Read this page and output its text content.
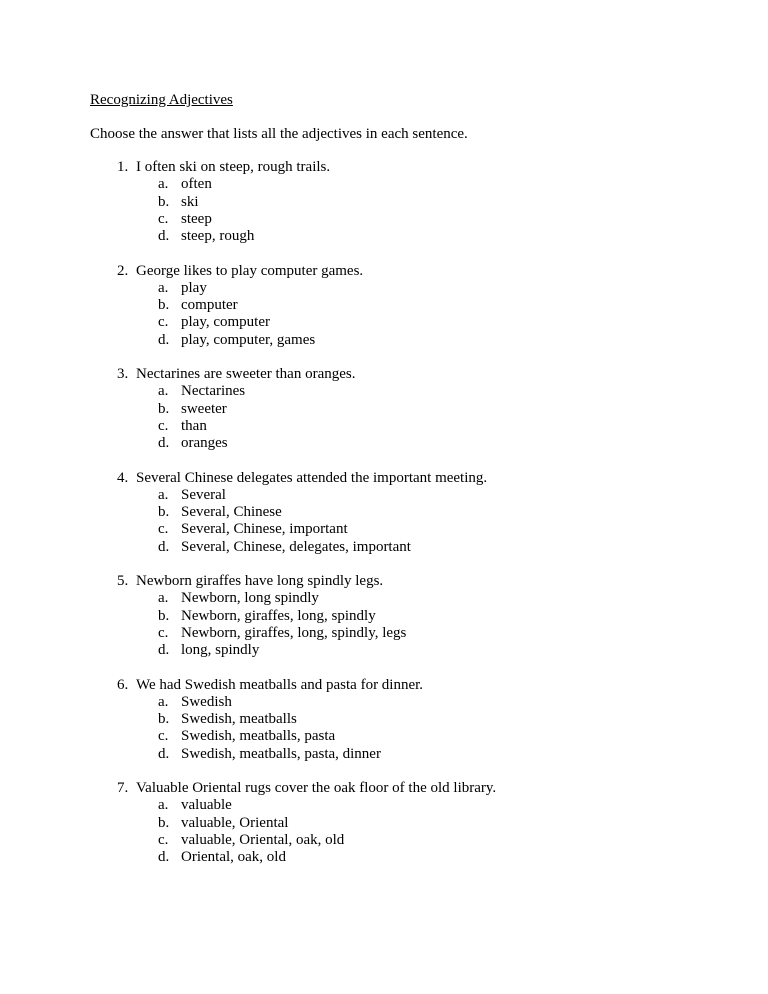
Recognizing Adjectives
Choose the answer that lists all the adjectives in each sentence.
1. I often ski on steep, rough trails.
a. often
b. ski
c. steep
d. steep, rough
2. George likes to play computer games.
a. play
b. computer
c. play, computer
d. play, computer, games
3. Nectarines are sweeter than oranges.
a. Nectarines
b. sweeter
c. than
d. oranges
4. Several Chinese delegates attended the important meeting.
a. Several
b. Several, Chinese
c. Several, Chinese, important
d. Several, Chinese, delegates, important
5. Newborn giraffes have long spindly legs.
a. Newborn, long spindly
b. Newborn, giraffes, long, spindly
c. Newborn, giraffes, long, spindly, legs
d. long, spindly
6. We had Swedish meatballs and pasta for dinner.
a. Swedish
b. Swedish, meatballs
c. Swedish, meatballs, pasta
d. Swedish, meatballs, pasta, dinner
7. Valuable Oriental rugs cover the oak floor of the old library.
a. valuable
b. valuable, Oriental
c. valuable, Oriental, oak, old
d. Oriental, oak, old
